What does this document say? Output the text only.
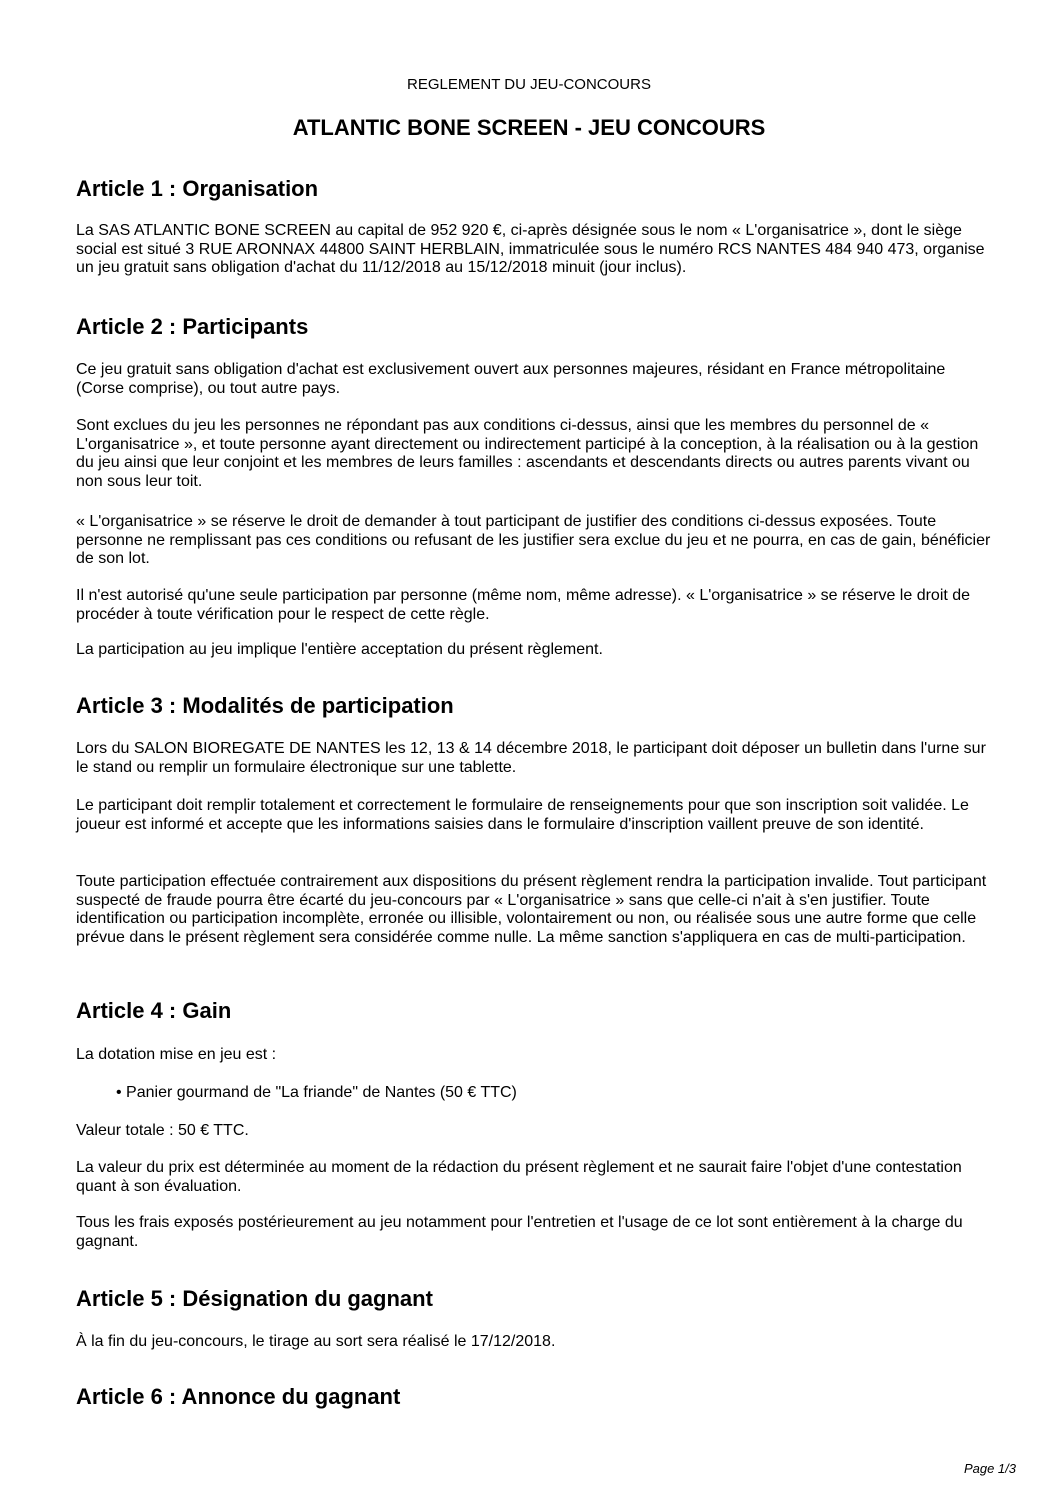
REGLEMENT DU JEU-CONCOURS
ATLANTIC BONE SCREEN - JEU CONCOURS
Article 1 : Organisation

La SAS ATLANTIC BONE SCREEN au capital de 952 920 €, ci-après désignée sous le nom « L'organisatrice », dont le siège social est situé 3 RUE ARONNAX 44800 SAINT HERBLAIN, immatriculée sous le numéro RCS NANTES 484 940 473, organise un jeu gratuit sans obligation d'achat du 11/12/2018 au 15/12/2018 minuit (jour inclus).

Article 2 : Participants

Ce jeu gratuit sans obligation d'achat est exclusivement ouvert aux personnes majeures, résidant en France métropolitaine (Corse comprise), ou tout autre pays.

Sont exclues du jeu les personnes ne répondant pas aux conditions ci-dessus, ainsi que les membres du personnel de « L'organisatrice », et toute personne ayant directement ou indirectement participé à la conception, à la réalisation ou à la gestion du jeu ainsi que leur conjoint et les membres de leurs familles : ascendants et descendants directs ou autres parents vivant ou non sous leur toit.

« L'organisatrice » se réserve le droit de demander à tout participant de justifier des conditions ci-dessus exposées. Toute personne ne remplissant pas ces conditions ou refusant de les justifier sera exclue du jeu et ne pourra, en cas de gain, bénéficier de son lot.

Il n'est autorisé qu'une seule participation par personne (même nom, même adresse). « L'organisatrice » se réserve le droit de procéder à toute vérification pour le respect de cette règle.

La participation au jeu implique l'entière acceptation du présent règlement.

Article 3 : Modalités de participation

Lors du SALON BIOREGATE DE NANTES les 12, 13 & 14 décembre 2018, le participant doit déposer un bulletin dans l'urne sur le stand ou remplir un formulaire électronique sur une tablette.

Le participant doit remplir totalement et correctement le formulaire de renseignements pour que son inscription soit validée. Le joueur est informé et accepte que les informations saisies dans le formulaire d'inscription vaillent preuve de son identité.

Toute participation effectuée contrairement aux dispositions du présent règlement rendra la participation invalide. Tout participant suspecté de fraude pourra être écarté du jeu-concours par « L'organisatrice » sans que celle-ci n'ait à s'en justifier. Toute identification ou participation incomplète, erronée ou illisible, volontairement ou non, ou réalisée sous une autre forme que celle prévue dans le présent règlement sera considérée comme nulle. La même sanction s'appliquera en cas de multi-participation.

Article 4 : Gain

La dotation mise en jeu est :

• Panier gourmand de "La friande" de Nantes (50 € TTC)

Valeur totale : 50 € TTC.

La valeur du prix est déterminée au moment de la rédaction du présent règlement et ne saurait faire l'objet d'une contestation quant à son évaluation.

Tous les frais exposés postérieurement au jeu notamment pour l'entretien et l'usage de ce lot sont entièrement à la charge du gagnant.

Article 5 : Désignation du gagnant

À la fin du jeu-concours, le tirage au sort sera réalisé le 17/12/2018.

Article 6 : Annonce du gagnant
Page 1/3
